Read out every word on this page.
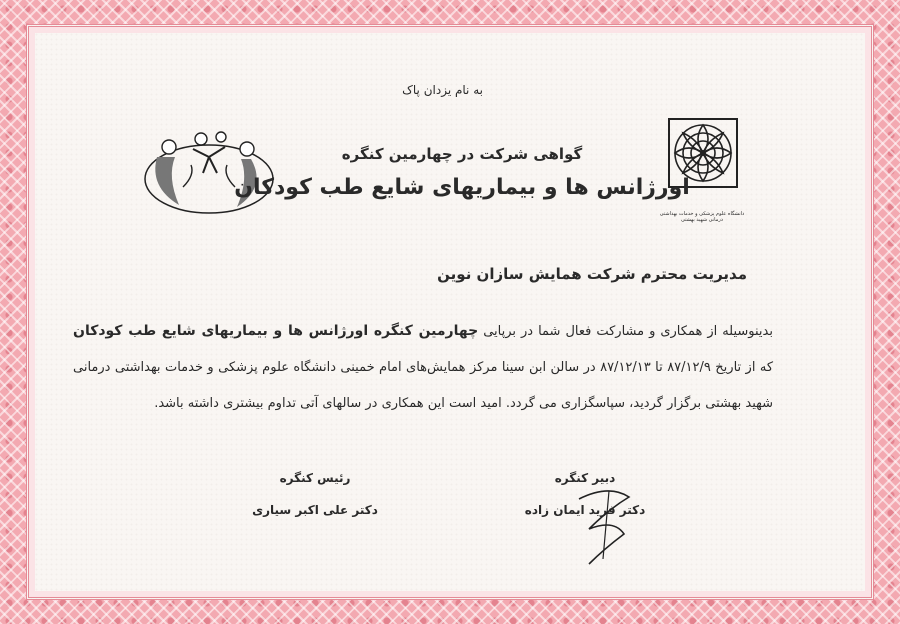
به نام یزدان پاک
دانشگاه علوم پزشکی و خدمات بهداشتی درمانی شهید بهشتی
گواهی شرکت در چهارمین کنگره
اورژانس ها و بیماریهای شایع طب کودکان
مدیریت محترم شرکت همایش سازان نوین
بدینوسیله از همکاری و مشارکت فعال شما در برپایی چهارمین کنگره اورژانس ها و بیماریهای شایع طب کودکان که از تاریخ ۸۷/۱۲/۹ تا ۸۷/۱۲/۱۳ در سالن ابن سینا مرکز همایش‌های امام خمینی دانشگاه علوم پزشکی و خدمات بهداشتی درمانی شهید بهشتی برگزار گردید، سپاسگزاری می گردد. امید است این همکاری در سالهای آتی تداوم بیشتری داشته باشد.
رئیس کنگره
دکتر علی اکبر سیاری
دبیر کنگره
دکتر فرید ایمان زاده
